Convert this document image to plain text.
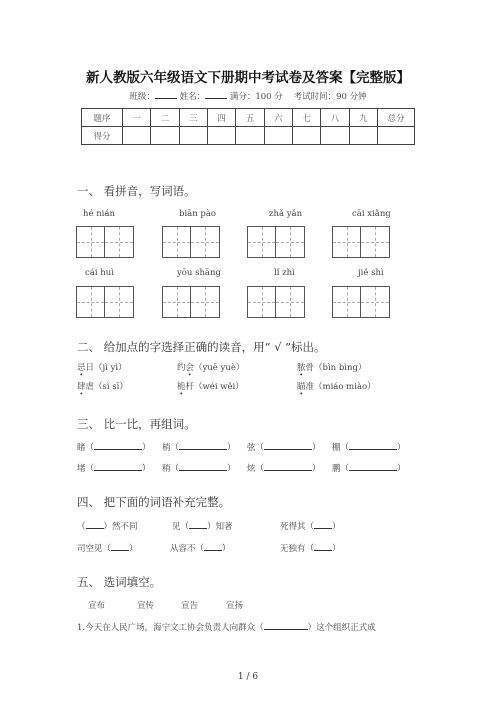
新人教版六年级语文下册期中考试卷及答案【完整版】
班级：	姓名：	满分：100 分 考试时间：90 分钟
题序	一	二	三	四	五	六	七	八	九	总分
得分										
一、 看拼音，写词语。
hé nián	biān pào	zhǎ yǎn	cāi xiǎng
cái huì	yōu shāng	lǐ zhì	jiě shì
二、 给加点的字选择正确的读音，用“ √ ”标出。
忌日（jì yì）	约会（yuē yuè）	脓骨（bìn bìng）
肆虐（sì sī）	桅杆（wéi wěi）	瞄准（miáo miào）
三、 比一比，再组词。
睹（	） 梢（	） 弦（	） 棚（	）
堵（	） 稍（	） 炫（	） 鹏（	）
四、 把下面的词语补充完整。
（ ）然不同	见（ ）知著	死得其（ ）
司空见（ ）	从容不（ ）	无独有（ ）
五、 选词填空。
宣布	宣传	宣告	宣扬
1.今天在人民广场，海宁文工协会负责人向群众（	）这个组织正式成
1 / 6
